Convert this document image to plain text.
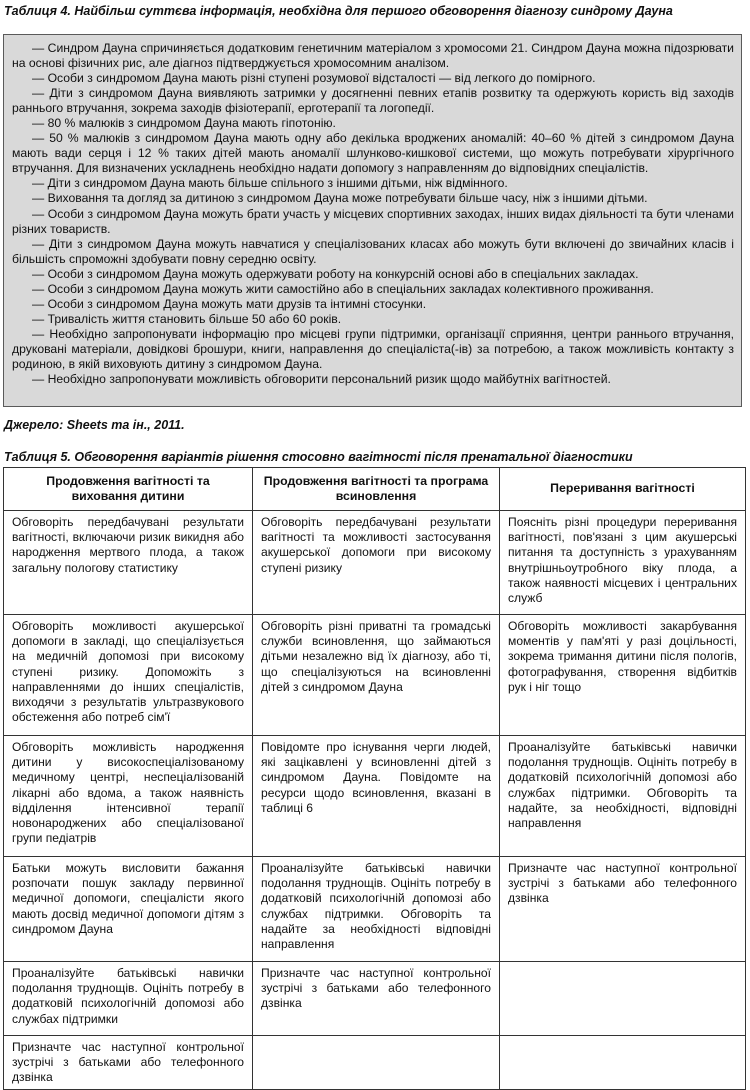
Таблиця 4. Найбільш суттєва інформація, необхідна для першого обговорення діагнозу синдрому Дауна

— Синдром Дауна спричиняється додатковим генетичним матеріалом з хромосоми 21. Синдром Дауна можна підозрювати на основі фізичних рис, але діагноз підтверджується хромосомним аналізом.

— Особи з синдромом Дауна мають різні ступені розумової відсталості — від легкого до помірного.

— Діти з синдромом Дауна виявляють затримки у досягненні певних етапів розвитку та одержують користь від заходів раннього втручання, зокрема заходів фізіотерапії, ерготерапії та логопедії.

— 80 % малюків з синдромом Дауна мають гіпотонію.

— 50 % малюків з синдромом Дауна мають одну або декілька вроджених аномалій: 40–60 % дітей з синдромом Дауна мають вади серця і 12 % таких дітей мають аномалії шлунково-кишкової системи, що можуть потребувати хірургічного втручання. Для визначених ускладнень необхідно надати допомогу з направленням до відповідних спеціалістів.

— Діти з синдромом Дауна мають більше спільного з іншими дітьми, ніж відмінного.

— Виховання та догляд за дитиною з синдромом Дауна може потребувати більше часу, ніж з іншими дітьми.

— Особи з синдромом Дауна можуть брати участь у місцевих спортивних заходах, інших видах діяльності та бути членами різних товариств.

— Діти з синдромом Дауна можуть навчатися у спеціалізованих класах або можуть бути включені до звичайних класів і більшість спроможні здобувати повну середню освіту.

— Особи з синдромом Дауна можуть одержувати роботу на конкурсній основі або в спеціальних закладах.

— Особи з синдромом Дауна можуть жити самостійно або в спеціальних закладах колективного проживання.

— Особи з синдромом Дауна можуть мати друзів та інтимні стосунки.

— Тривалість життя становить більше 50 або 60 років.

— Необхідно запропонувати інформацію про місцеві групи підтримки, організації сприяння, центри раннього втручання, друковані матеріали, довідкові брошури, книги, направлення до спеціаліста(-ів) за потребою, а також можливість контакту з родиною, в якій виховують дитину з синдромом Дауна.

— Необхідно запропонувати можливість обговорити персональний ризик щодо майбутніх вагітностей.

Джерело: Sheets та ін., 2011.
Таблиця 5. Обговорення варіантів рішення стосовно вагітності після пренатальної діагностики
Продовження вагітності та виховання дитини	Продовження вагітності та програма всиновлення	Переривання вагітності
Обговоріть передбачувані результати вагітності, включаючи ризик викидня або народження мертвого плода, а також загальну пологову статистику	Обговоріть передбачувані результати вагітності та можливості застосування акушерської допомоги при високому ступені ризику	Поясніть різні процедури переривання вагітності, пов'язані з цим акушерські питання та доступність з урахуванням внутрішньоутробного віку плода, а також наявності місцевих і центральних служб
Обговоріть можливості акушерської допомоги в закладі, що спеціалізується на медичній допомозі при високому ступені ризику. Допоможіть з направленнями до інших спеціалістів, виходячи з результатів ультразвукового обстеження або потреб сім'ї	Обговоріть різні приватні та громадські служби всиновлення, що займаються дітьми незалежно від їх діагнозу, або ті, що спеціалізуються на всиновленні дітей з синдромом Дауна	Обговоріть можливості закарбування моментів у пам'яті у разі доцільності, зокрема тримання дитини після пологів, фотографування, створення відбитків рук і ніг тощо
Обговоріть можливість народження дитини у високоспеціалізованому медичному центрі, неспеціалізованій лікарні або вдома, а також наявність відділення інтенсивної терапії новонароджених або спеціалізованої групи педіатрів	Повідомте про існування черги людей, які зацікавлені у всиновленні дітей з синдромом Дауна. Повідомте на ресурси щодо всиновлення, вказані в таблиці 6	Проаналізуйте батьківські навички подолання труднощів. Оцініть потребу в додатковій психологічній допомозі або службах підтримки. Обговоріть та надайте, за необхідності, відповідні направлення
Батьки можуть висловити бажання розпочати пошук закладу первинної медичної допомоги, спеціалісти якого мають досвід медичної допомоги дітям з синдромом Дауна	Проаналізуйте батьківські навички подолання труднощів. Оцініть потребу в додатковій психологічній допомозі або службах підтримки. Обговоріть та надайте за необхідності відповідні направлення	Призначте час наступної контрольної зустрічі з батьками або телефонного дзвінка
Проаналізуйте батьківські навички подолання труднощів. Оцініть потребу в додатковій психологічній допомозі або службах підтримки	Призначте час наступної контрольної зустрічі з батьками або телефонного дзвінка	
Призначте час наступної контрольної зустрічі з батьками або телефонного дзвінка		
